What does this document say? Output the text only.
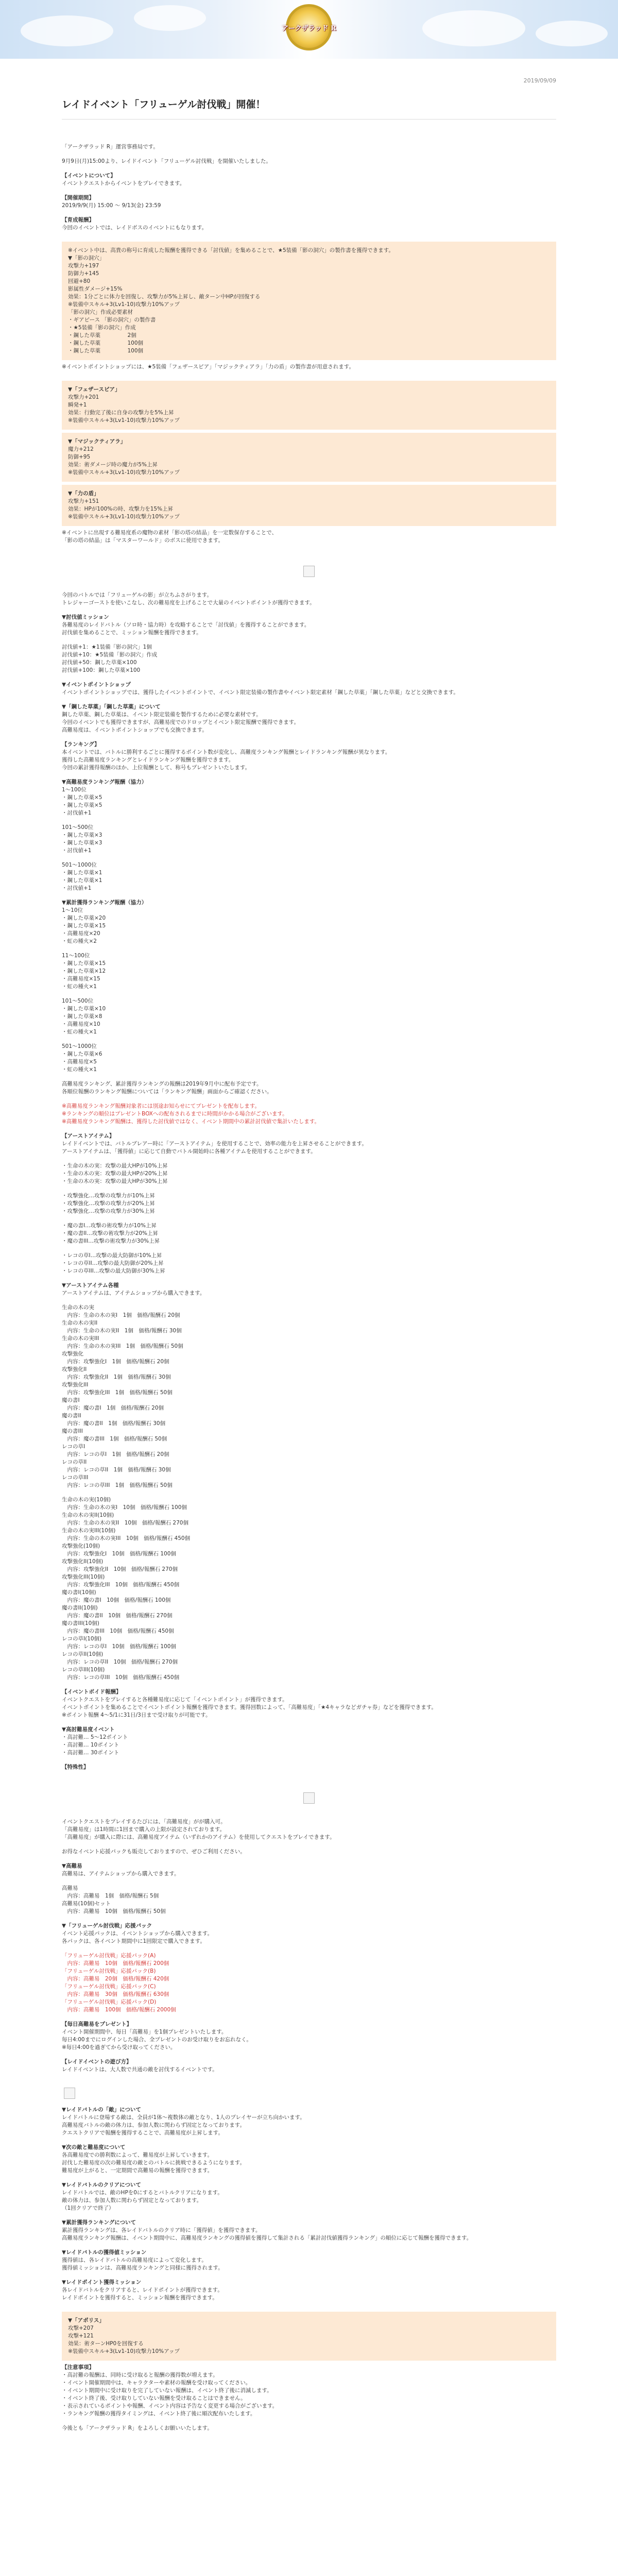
アークザラッド R
2019/09/09
レイドイベント「フリューゲル討伐戦」開催！
「アークザラッド R」運営事務局です。
9月9日(月)15:00より、レイドイベント「フリューゲル討伐戦」を開催いたしました。
【イベントについて】
イベントクエストからイベントをプレイできます。
【開催期間】
2019/9/9(月) 15:00 ～ 9/13(金) 23:59
【育成報酬】
今回のイベントでは、レイドボスのイベントにもなります。
※イベント中は、高貴の称号に育成した報酬を獲得できる「討伐値」を集めることで、★5装備「影の洞穴」の製作書を獲得できます。
▼「影の洞穴」
攻撃力+197
防御力+145
回避+80
影属性ダメージ+15%
効果：1分ごとに体力を回復し、攻撃力が5%上昇し、敵ターン中HPが回復する
※装備中スキル+3(Lv1-10)攻撃力10%アップ
「影の洞穴」作成必要素材
・ギアピース 「影の洞穴」の製作書
・★5装備「影の洞穴」作成
・鋼した草薬　　　　　2個
・鋼した草薬　　　　　100個
・鋼した草薬　　　　　100個
※イベントポイントショップには、★5装備「フェザースピア」「マジックティアラ」「力の盾」の製作書が用意されます。
▼「フェザースピア」
攻撃力+201
瞬発+1
効果：行動完了後に自身の攻撃力を5%上昇
※装備中スキル+3(Lv1-10)攻撃力10%アップ
▼「マジックティアラ」
魔力+212
防御+95
効果：術ダメージ時の魔力が5%上昇
※装備中スキル+3(Lv1-10)攻撃力10%アップ
▼「力の盾」
攻撃力+151
効果：HPが100%の時、攻撃力を15%上昇
※装備中スキル+3(Lv1-10)攻撃力10%アップ
※イベントに出現する難易度系の魔物の素材「影の塔の結晶」を一定数保存することで、
「影の塔の結晶」は「マスターワールド」のボスに使用できます。
今回のバトルでは「フリューゲルの影」が立ちふさがります。
トレジャーゴーストを使いこなし、次の難易度を上げることで大量のイベントポイントが獲得できます。
▼討伐値ミッション
各難易度のレイドバトル（ソロ時・協力時）を攻略することで「討伐値」を獲得することができます。
討伐値を集めることで、ミッション報酬を獲得できます。
討伐値+1：★1装備「影の洞穴」1個
討伐値+10：★5装備「影の洞穴」作成
討伐値+50：鋼した草薬×100
討伐値+100：鋼した草薬×100
▼イベントポイントショップ
イベントポイントショップでは、獲得したイベントポイントで、イベント限定装備の製作書やイベント限定素材「鋼した草薬」「鋼した草薬」などと交換できます。
▼「鋼した草薬」「鋼した草薬」について
鋼した草薬、鋼した草薬は、イベント限定装備を製作するために必要な素材です。
今回のイベントでも獲得できますが、高難易度でのドロップとイベント限定報酬で獲得できます。
高難易度は、イベントポイントショップでも交換できます。
【ランキング】
本イベントでは、バトルに勝利するごとに獲得するポイント数が変化し、高難度ランキング報酬とレイドランキング報酬が異なります。
獲得した高難易度ランキングとレイドランキング報酬を獲得できます。
今回の累計獲得報酬のほか、上位報酬として、称号もプレゼントいたします。
▼高難易度ランキング報酬（協力）
1～100位
・鋼した草薬×5
・鋼した草薬×5
・討伐値+1
101～500位
・鋼した草薬×3
・鋼した草薬×3
・討伐値+1
501～1000位
・鋼した草薬×1
・鋼した草薬×1
・討伐値+1
▼累計獲得ランキング報酬（協力）
1～10位
・鋼した草薬×20
・鋼した草薬×15
・高難易度×20
・虹の種火×2
11～100位
・鋼した草薬×15
・鋼した草薬×12
・高難易度×15
・虹の種火×1
101～500位
・鋼した草薬×10
・鋼した草薬×8
・高難易度×10
・虹の種火×1
501～1000位
・鋼した草薬×6
・高難易度×5
・虹の種火×1
高難易度ランキング、累計獲得ランキングの報酬は2019年9月中に配布予定です。
各順位報酬のランキング報酬については「ランキング報酬」画面からご確認ください。
※高難易度ランキング報酬対象者には別途お知らせにてプレゼントを配布します。
※ランキングの順位はプレゼントBOXへの配布されるまでに時間がかかる場合がございます。
※高難易度ランキング報酬は、獲得した討伐値ではなく、イベント期間中の累計討伐値で集計いたします。
【アーストアイテム】
レイドイベントでは、バトルブレアー時に「アーストアイテム」を使用することで、効率の能力を上昇させることができます。
アーストアイテムは、「獲得値」に応じて自動でバトル開始時に各種アイテムを使用することができます。
・生命の木の実：攻撃の最大HPが10%上昇
・生命の木の実：攻撃の最大HPが20%上昇
・生命の木の実：攻撃の最大HPが30%上昇
・攻撃強化…攻撃の攻撃力が10%上昇
・攻撃強化…攻撃の攻撃力が20%上昇
・攻撃強化…攻撃の攻撃力が30%上昇
・魔の書I…攻撃の術攻撃力が10%上昇
・魔の書II…攻撃の術攻撃力が20%上昇
・魔の書III…攻撃の術攻撃力が30%上昇
・レコの草I…攻撃の最大防御が10%上昇
・レコの草II…攻撃の最大防御が20%上昇
・レコの草III…攻撃の最大防御が30%上昇
▼アーストアイテム各種
アーストアイテムは、アイテムショップから購入できます。
生命の木の実
　内容：生命の木の実I　1個　価格/報酬石 20個
生命の木の実II
　内容：生命の木の実II　1個　価格/報酬石 30個
生命の木の実III
　内容：生命の木の実III　1個　価格/報酬石 50個
攻撃強化
　内容：攻撃強化I　1個　価格/報酬石 20個
攻撃強化II
　内容：攻撃強化II　1個　価格/報酬石 30個
攻撃強化III
　内容：攻撃強化III　1個　価格/報酬石 50個
魔の書I
　内容：魔の書I　1個　価格/報酬石 20個
魔の書II
　内容：魔の書II　1個　価格/報酬石 30個
魔の書III
　内容：魔の書III　1個　価格/報酬石 50個
レコの草I
　内容：レコの草I　1個　価格/報酬石 20個
レコの草II
　内容：レコの草II　1個　価格/報酬石 30個
レコの草III
　内容：レコの草III　1個　価格/報酬石 50個
生命の木の実(10個)
　内容：生命の木の実I　10個　価格/報酬石 100個
生命の木の実II(10個)
　内容：生命の木の実II　10個　価格/報酬石 270個
生命の木の実III(10個)
　内容：生命の木の実III　10個　価格/報酬石 450個
攻撃強化(10個)
　内容：攻撃強化I　10個　価格/報酬石 100個
攻撃強化II(10個)
　内容：攻撃強化II　10個　価格/報酬石 270個
攻撃強化III(10個)
　内容：攻撃強化III　10個　価格/報酬石 450個
魔の書I(10個)
　内容：魔の書I　10個　価格/報酬石 100個
魔の書II(10個)
　内容：魔の書II　10個　価格/報酬石 270個
魔の書III(10個)
　内容：魔の書III　10個　価格/報酬石 450個
レコの草I(10個)
　内容：レコの草I　10個　価格/報酬石 100個
レコの草II(10個)
　内容：レコの草II　10個　価格/報酬石 270個
レコの草III(10個)
　内容：レコの草III　10個　価格/報酬石 450個
【イベントボイド報酬】
イベントクエストをプレイすると各種難易度に応じて「イベントポイント」が獲得できます。
イベントポイントを集めることでイベントポイント報酬を獲得できます。獲得回数によって、「高難易度」「★4キャラなどガチャ券」などを獲得できます。
※ポイント報酬 4～5/1に31日/3日まで受け取りが可能です。
▼高討難易度イベント
・高討難… 5～12ポイント
・高討難… 10ポイント
・高討難… 30ポイント
【特殊性】
イベントクエストをプレイするたびには、「高難易度」がが購入可。
「高難易度」は1時間に1回まで購入の上限が設定されております。
「高難易度」が購入に際には、高難易度アイテム（いずれかのアイテム）を使用してクエストをプレイできます。
お得なイベント応援パックも販売しておりますので、ぜひご利用ください。
▼高難易
高難易は、アイテムショップから購入できます。
高難易
　内容：高難易　1個　価格/報酬石 5個
高難易(10個)セット
　内容：高難易　10個　価格/報酬石 50個
▼「フリューゲル討伐戦」応援パック
イベント応援パックは、イベントショップから購入できます。
各パックは、各イベント期間中に1回限定で購入できます。
「フリューゲル討伐戦」応援パック(A)
　内容：高難易　10個　価格/報酬石 200個
「フリューゲル討伐戦」応援パック(B)
　内容：高難易　20個　価格/報酬石 420個
「フリューゲル討伐戦」応援パック(C)
　内容：高難易　30個　価格/報酬石 630個
「フリューゲル討伐戦」応援パック(D)
　内容：高難易　100個　価格/報酬石 2000個
【毎日高難易をプレゼント】
イベント開催期間中、毎日「高難易」を1個プレゼントいたします。
毎日4:00までにログインした場合、全プレゼントのお受け取りをお忘れなく。
※毎日4:00を過ぎてから受け取ってください。
【レイドイベントの遊び方】
レイドイベントは、大人数で共通の敵を討伐するイベントです。
▼レイドバトルの「敵」について
レイドバトルに登場する敵は、全員が1体～複数体の敵となり、1人のプレイヤーが立ち向かいます。
高難易度バトルの敵の体力は、参加人数に関わらず固定となっております。
クエストクリアで報酬を獲得することで、高難易度が上昇します。
▼次の敵と難易度について
各高難易度での勝利数によって、難易度が上昇していきます。
討伐した難易度の次の難易度の敵とのバトルに挑戦できるようになります。
難易度が上がると、一定期間で高難易の報酬を獲得できます。
▼レイドバトルのクリアについて
レイドバトルでは、敵のHPを0にするとバトルクリアになります。
敵の体力は、参加人数に関わらず固定となっております。
（1回クリアで終了）
▼累計獲得ランキングについて
累計獲得ランキングは、各レイドバトルのクリア時に「獲得値」を獲得できます。
高難易度ランキング報酬は、イベント期間中に、高難易度ランキングの獲得値を獲得して集計される「累計討伐値獲得ランキング」の順位に応じて報酬を獲得できます。
▼レイドバトルの獲得値ミッション
獲得値は、各レイドバトルの高難易度によって変化します。
獲得値ミッションは、高難易度ランキングと同様に獲得されます。
▼レイドポイント獲得ミッション
各レイドバトルをクリアすると、レイドポイントが獲得できます。
レイドポイントを獲得すると、ミッション報酬を獲得できます。
▼「アポリス」
攻撃+207
攻撃+121
効果：術ターンHP0を回復する
※装備中スキル+3(Lv1-10)攻撃力10%アップ
【注意事項】
・高討難の報酬は、同時に受け取ると報酬の獲得数が増えます。
・イベント開催期間中は、キャラクターや素材の報酬を受け取ってください。
・イベント期間中に受け取りを完了していない報酬は、イベント終了後に消滅します。
・イベント終了後、受け取りしていない報酬を受け取ることはできません。
・表示されているポイントや報酬、イベント内容は予告なく変更する場合がございます。
・ランキング報酬の獲得タイミングは、イベント終了後に順次配布いたします。
今後とも「アークザラッド R」をよろしくお願いいたします。
